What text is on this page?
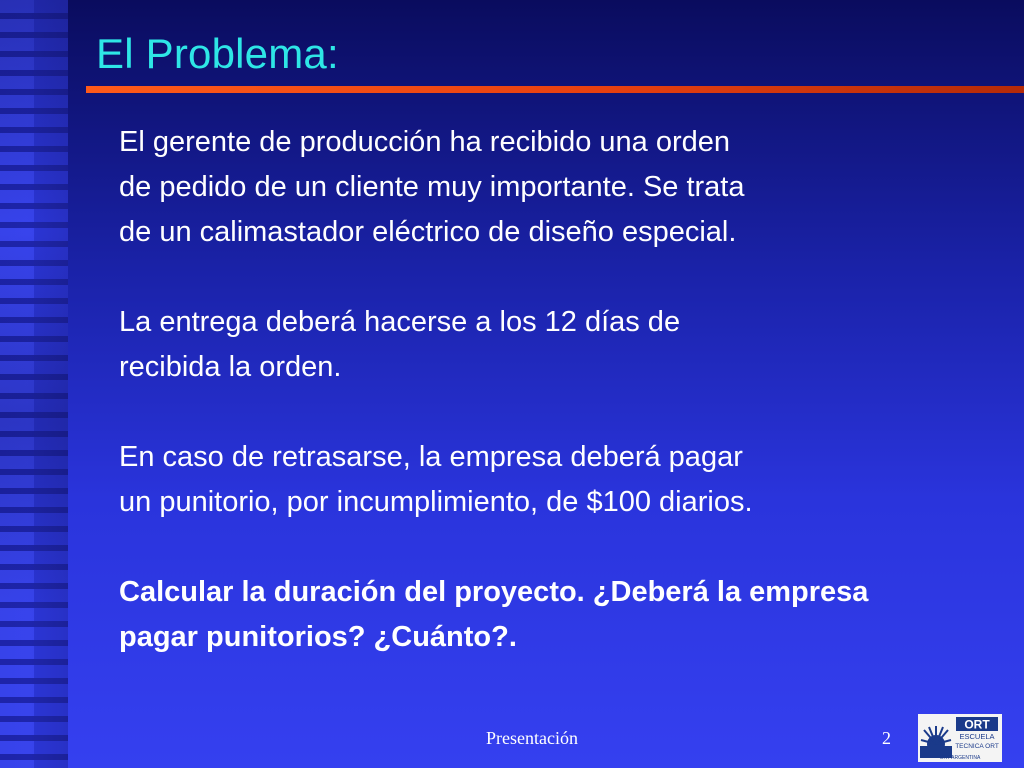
El Problema:
El gerente de producción ha recibido una orden
de pedido de un cliente muy importante. Se trata
de un calimastador eléctrico de diseño especial.
La entrega deberá hacerse a los 12 días de
recibida la orden.
En caso de retrasarse, la empresa deberá pagar
un punitorio, por incumplimiento, de $100 diarios.
Calcular la duración del proyecto. ¿Deberá la empresa
pagar punitorios? ¿Cuánto?.
Presentación	2
ORT
ESCUELA
TECNICA ORT
ORT ARGENTINA
